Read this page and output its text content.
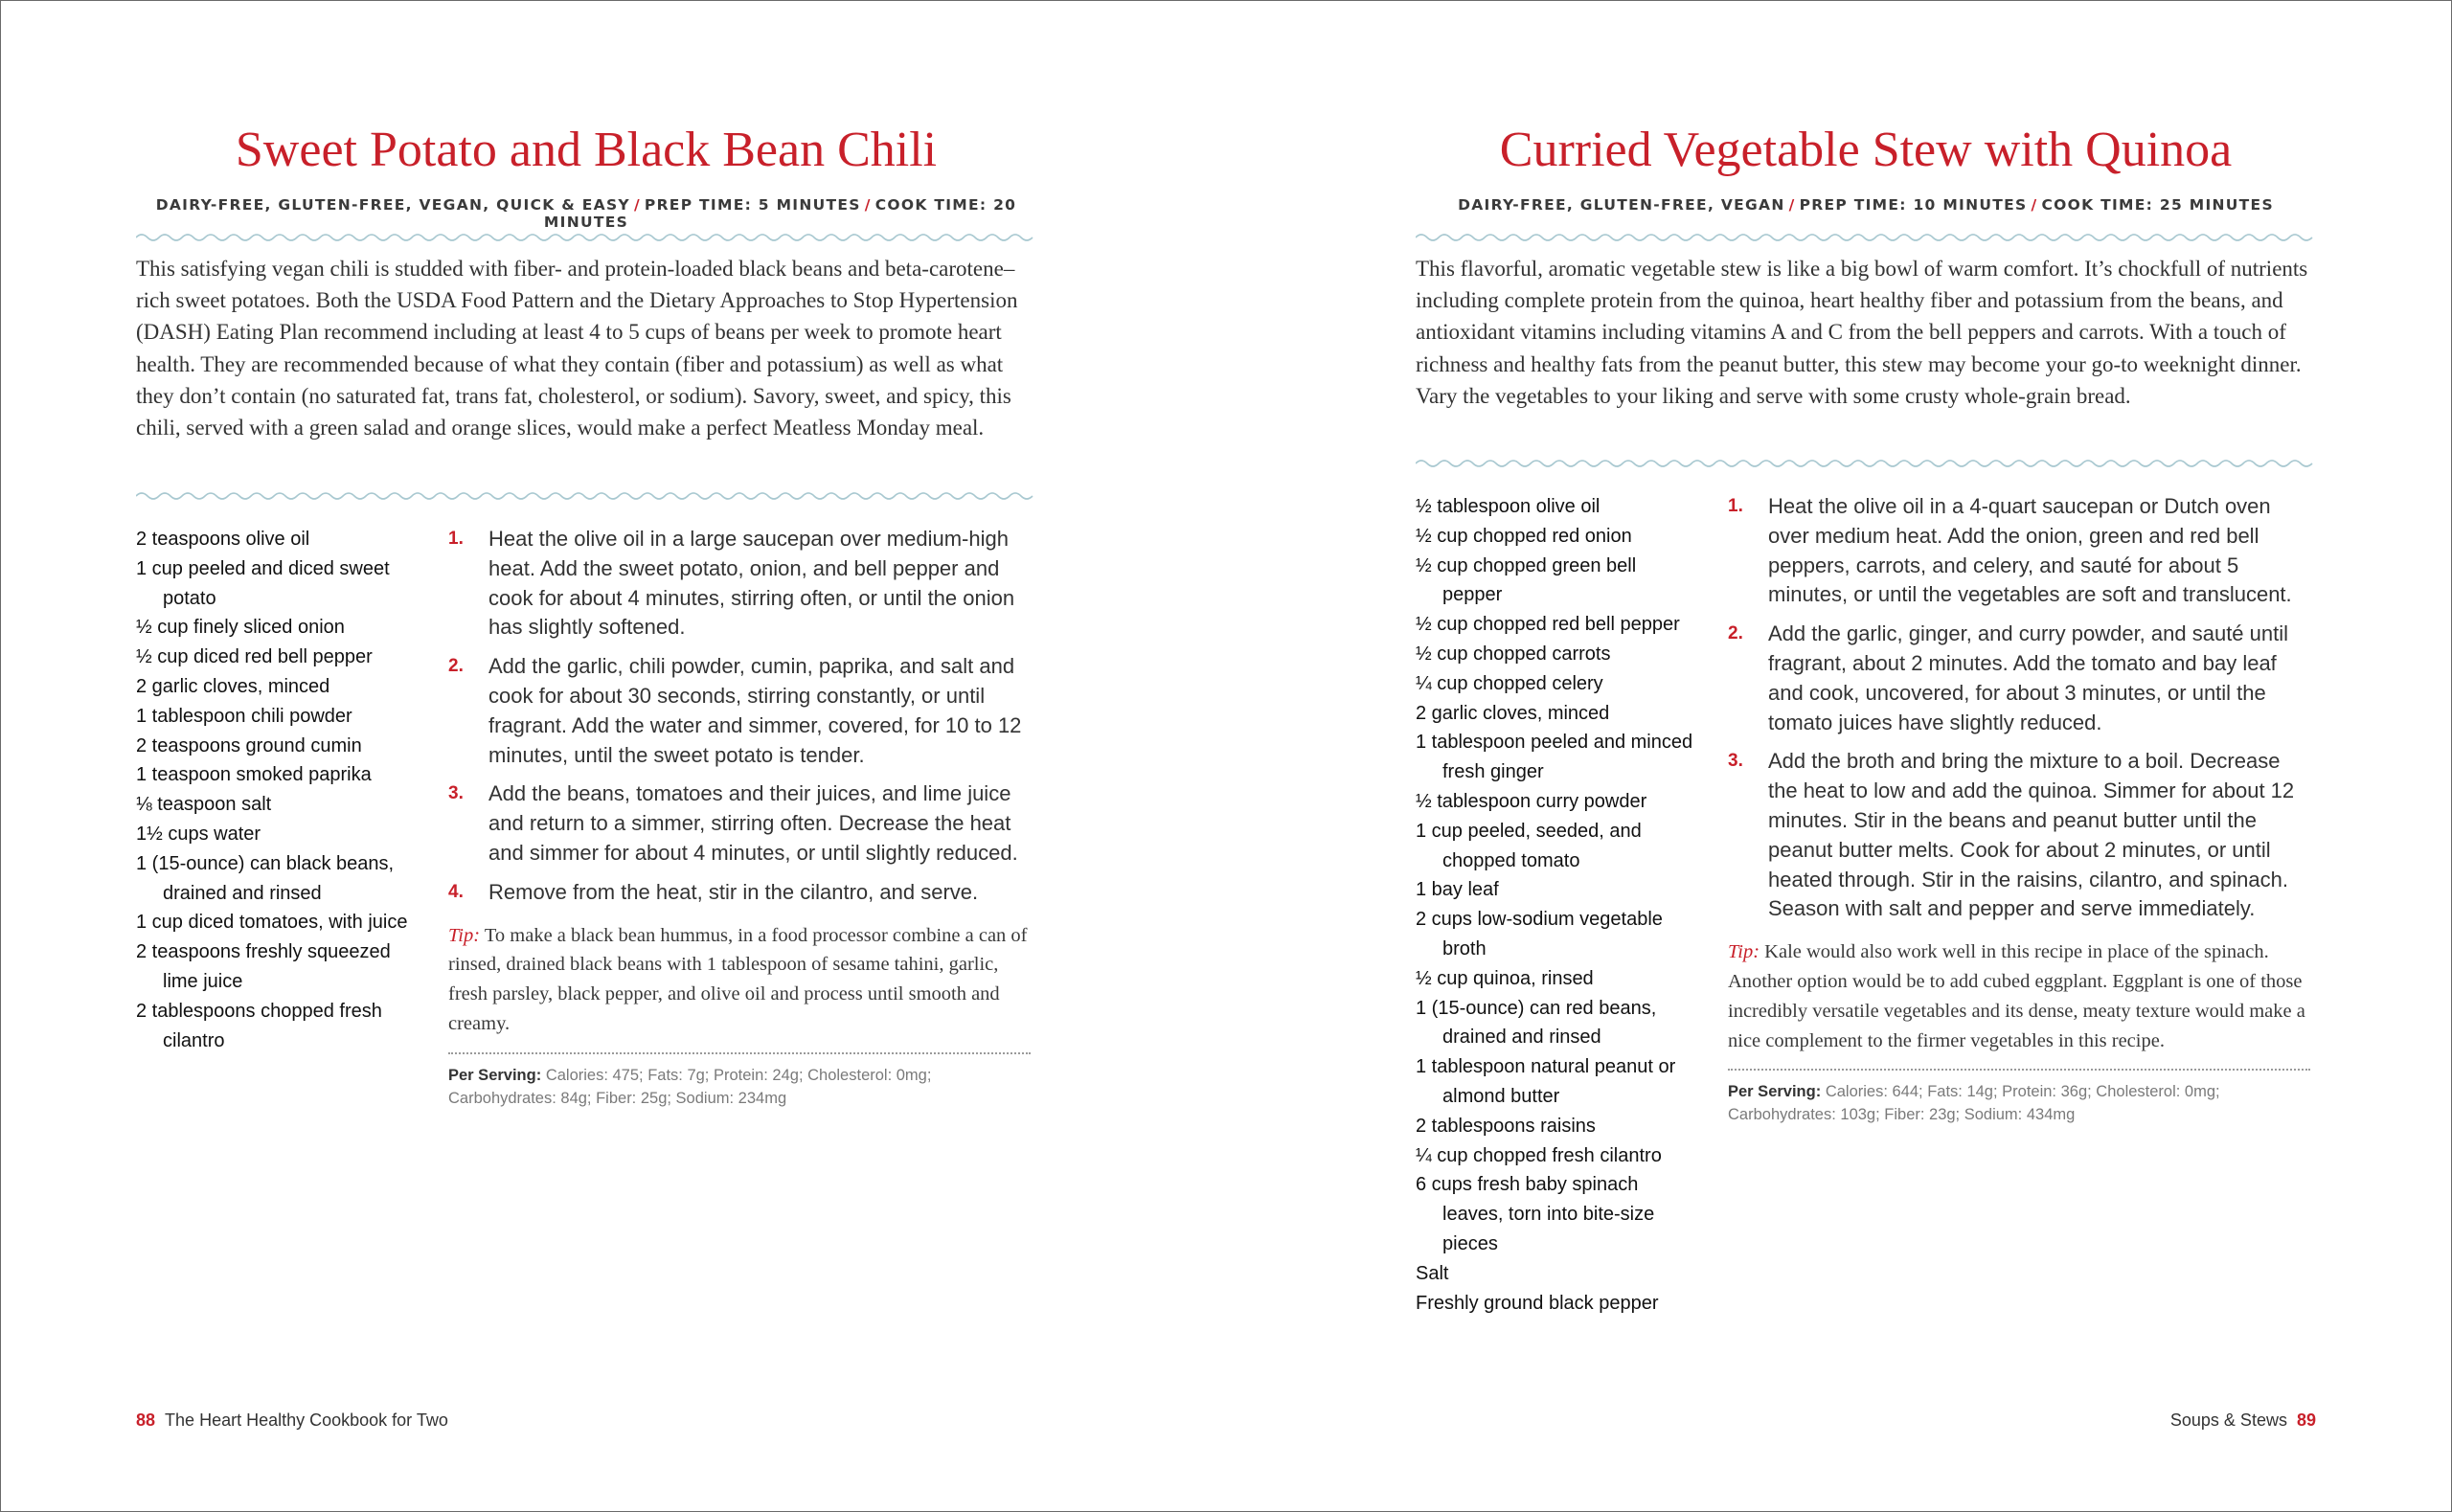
Sweet Potato and Black Bean Chili
DAIRY-FREE, GLUTEN-FREE, VEGAN, QUICK & EASY / PREP TIME: 5 MINUTES / COOK TIME: 20 MINUTES
This satisfying vegan chili is studded with fiber- and protein-loaded black beans and beta-carotene–rich sweet potatoes. Both the USDA Food Pattern and the Dietary Approaches to Stop Hypertension (DASH) Eating Plan recommend including at least 4 to 5 cups of beans per week to promote heart health. They are recommended because of what they contain (fiber and potassium) as well as what they don’t contain (no saturated fat, trans fat, cholesterol, or sodium). Savory, sweet, and spicy, this chili, served with a green salad and orange slices, would make a perfect Meatless Monday meal.
2 teaspoons olive oil
1 cup peeled and diced sweet potato
½ cup finely sliced onion
½ cup diced red bell pepper
2 garlic cloves, minced
1 tablespoon chili powder
2 teaspoons ground cumin
1 teaspoon smoked paprika
⅛ teaspoon salt
1½ cups water
1 (15-ounce) can black beans, drained and rinsed
1 cup diced tomatoes, with juice
2 teaspoons freshly squeezed lime juice
2 tablespoons chopped fresh cilantro
1. Heat the olive oil in a large saucepan over medium-high heat. Add the sweet potato, onion, and bell pepper and cook for about 4 minutes, stirring often, or until the onion has slightly softened.
2. Add the garlic, chili powder, cumin, paprika, and salt and cook for about 30 seconds, stirring constantly, or until fragrant. Add the water and simmer, covered, for 10 to 12 minutes, until the sweet potato is tender.
3. Add the beans, tomatoes and their juices, and lime juice and return to a simmer, stirring often. Decrease the heat and simmer for about 4 minutes, or until slightly reduced.
4. Remove from the heat, stir in the cilantro, and serve.
Tip: To make a black bean hummus, in a food processor combine a can of rinsed, drained black beans with 1 tablespoon of sesame tahini, garlic, fresh parsley, black pepper, and olive oil and process until smooth and creamy.
Per Serving: Calories: 475; Fats: 7g; Protein: 24g; Cholesterol: 0mg; Carbohydrates: 84g; Fiber: 25g; Sodium: 234mg
88 The Heart Healthy Cookbook for Two
Curried Vegetable Stew with Quinoa
DAIRY-FREE, GLUTEN-FREE, VEGAN / PREP TIME: 10 MINUTES / COOK TIME: 25 MINUTES
This flavorful, aromatic vegetable stew is like a big bowl of warm comfort. It’s chockfull of nutrients including complete protein from the quinoa, heart healthy fiber and potassium from the beans, and antioxidant vitamins including vitamins A and C from the bell peppers and carrots. With a touch of richness and healthy fats from the peanut butter, this stew may become your go-to weeknight dinner. Vary the vegetables to your liking and serve with some crusty whole-grain bread.
½ tablespoon olive oil
½ cup chopped red onion
½ cup chopped green bell pepper
½ cup chopped red bell pepper
½ cup chopped carrots
¼ cup chopped celery
2 garlic cloves, minced
1 tablespoon peeled and minced fresh ginger
½ tablespoon curry powder
1 cup peeled, seeded, and chopped tomato
1 bay leaf
2 cups low-sodium vegetable broth
½ cup quinoa, rinsed
1 (15-ounce) can red beans, drained and rinsed
1 tablespoon natural peanut or almond butter
2 tablespoons raisins
¼ cup chopped fresh cilantro
6 cups fresh baby spinach leaves, torn into bite-size pieces
Salt
Freshly ground black pepper
1. Heat the olive oil in a 4-quart saucepan or Dutch oven over medium heat. Add the onion, green and red bell peppers, carrots, and celery, and sauté for about 5 minutes, or until the vegetables are soft and translucent.
2. Add the garlic, ginger, and curry powder, and sauté until fragrant, about 2 minutes. Add the tomato and bay leaf and cook, uncovered, for about 3 minutes, or until the tomato juices have slightly reduced.
3. Add the broth and bring the mixture to a boil. Decrease the heat to low and add the quinoa. Simmer for about 12 minutes. Stir in the beans and peanut butter until the peanut butter melts. Cook for about 2 minutes, or until heated through. Stir in the raisins, cilantro, and spinach. Season with salt and pepper and serve immediately.
Tip: Kale would also work well in this recipe in place of the spinach. Another option would be to add cubed eggplant. Eggplant is one of those incredibly versatile vegetables and its dense, meaty texture would make a nice complement to the firmer vegetables in this recipe.
Per Serving: Calories: 644; Fats: 14g; Protein: 36g; Cholesterol: 0mg; Carbohydrates: 103g; Fiber: 23g; Sodium: 434mg
Soups & Stews 89
